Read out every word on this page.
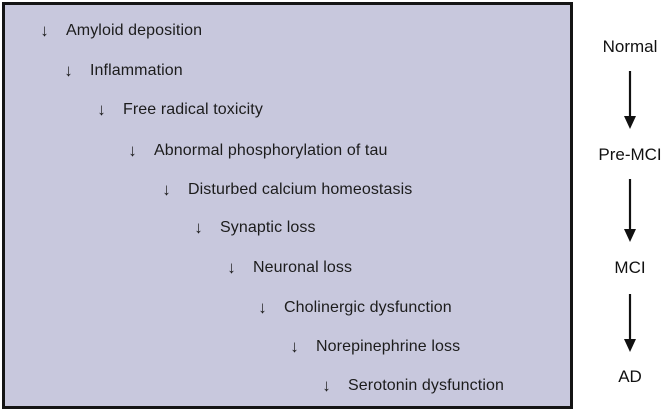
↓ Amyloid deposition
↓ Inflammation
↓ Free radical toxicity
↓ Abnormal phosphorylation of tau
↓ Disturbed calcium homeostasis
↓ Synaptic loss
↓ Neuronal loss
↓ Cholinergic dysfunction
↓ Norepinephrine loss
↓ Serotonin dysfunction
Normal
Pre-MCI
MCI
AD
